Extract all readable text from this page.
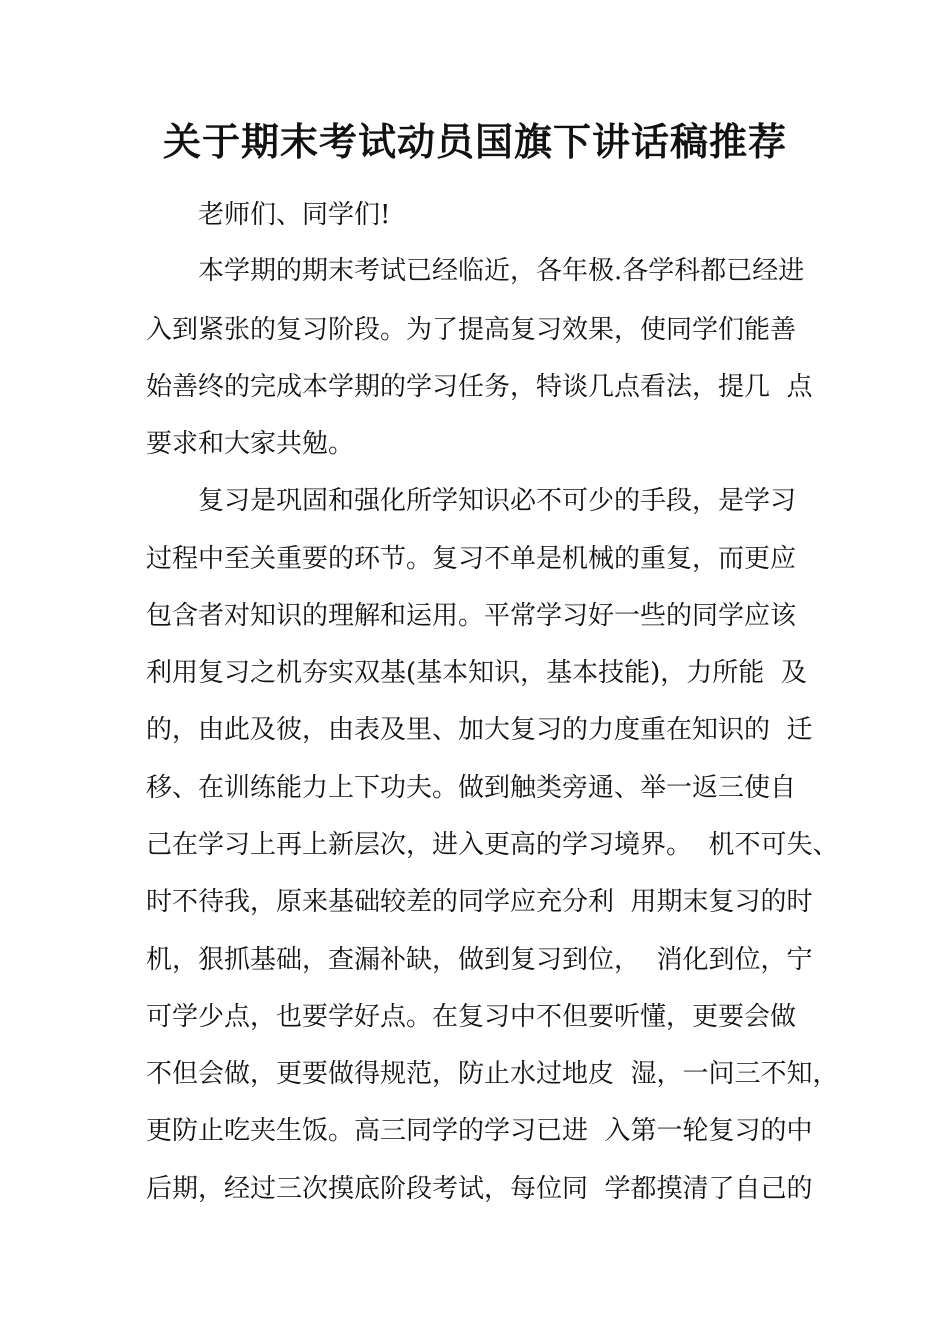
关于期末考试动员国旗下讲话稿推荐

　　老师们、同学们!

　　本学期的期末考试已经临近，各年极.各学科都已经进

入到紧张的复习阶段。为了提高复习效果，使同学们能善

始善终的完成本学期的学习任务，特谈几点看法，提几  点

要求和大家共勉。

　　复习是巩固和强化所学知识必不可少的手段，是学习

过程中至关重要的环节。复习不单是机械的重复，而更应

包含者对知识的理解和运用。平常学习好一些的同学应该

利用复习之机夯实双基(基本知识，基本技能)，力所能  及

的，由此及彼，由表及里、加大复习的力度重在知识的  迁

移、在训练能力上下功夫。做到触类旁通、举一返三使自

己在学习上再上新层次，进入更高的学习境界。  机不可失、

时不待我，原来基础较差的同学应充分利  用期末复习的时

机，狠抓基础，查漏补缺，做到复习到位，  消化到位，宁

可学少点，也要学好点。在复习中不但要听懂，更要会做

不但会做，更要做得规范，防止水过地皮  湿，一问三不知，

更防止吃夹生饭。高三同学的学习已进  入第一轮复习的中

后期，经过三次摸底阶段考试，每位同  学都摸清了自己的
